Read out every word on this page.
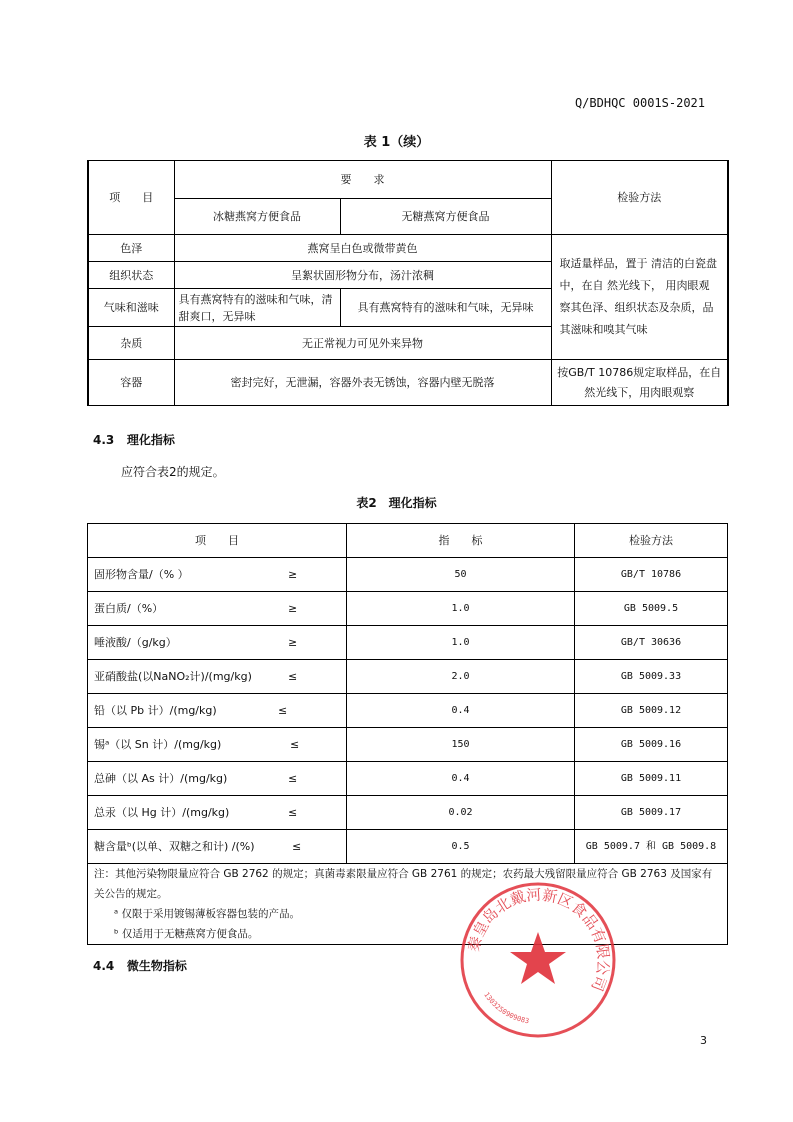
Q/BDHQC 0001S-2021
表 1（续）
项　　目	要　　求		检验方法
	冰糖燕窝方便食品	无糖燕窝方便食品	
色泽	燕窝呈白色或微带黄色		取适量样品，置于 清洁的白瓷盘中，在自 然光线下， 用肉眼观 察其色泽、组织状态及杂质，品其滋味和嗅其气味
组织状态	呈絮状固形物分布，汤汁浓稠		
气味和滋味	具有燕窝特有的滋味和气味，清甜爽口，无异味	具有燕窝特有的滋味和气味，无异味	
杂质	无正常视力可见外来异物		
容器	密封完好，无泄漏，容器外表无锈蚀，容器内壁无脱落		按GB/T 10786规定取样品，在自然光线下，用肉眼观察
4.3 理化指标
应符合表2的规定。
表2　理化指标
项　　目	指　　标	检验方法
固形物含量/（% ） ≥	50	GB/T 10786
蛋白质/（%） ≥	1.0	GB 5009.5
唾液酸/（g/kg） ≥	1.0	GB/T 30636
亚硝酸盐(以NaNO₂计)/(mg/kg) ≤	2.0	GB 5009.33
铅（以 Pb 计）/(mg/kg) ≤	0.4	GB 5009.12
锡ᵃ（以 Sn 计）/(mg/kg) ≤	150	GB 5009.16
总砷（以 As 计）/(mg/kg) ≤	0.4	GB 5009.11
总汞（以 Hg 计）/(mg/kg) ≤	0.02	GB 5009.17
糖含量ᵇ(以单、双糖之和计) /(%) ≤	0.5	GB 5009.7 和 GB 5009.8

注：其他污染物限量应符合 GB 2762 的规定；真菌毒素限量应符合 GB 2761 的规定；农药最大残留限量应符合 GB 2763 及国家有关公告的规定。
ᵃ 仅限于采用镀锡薄板容器包装的产品。
ᵇ 仅适用于无糖燕窝方便食品。		
4.4 微生物指标
秦皇岛北戴河新区食品有限公司
1303250909083
3
